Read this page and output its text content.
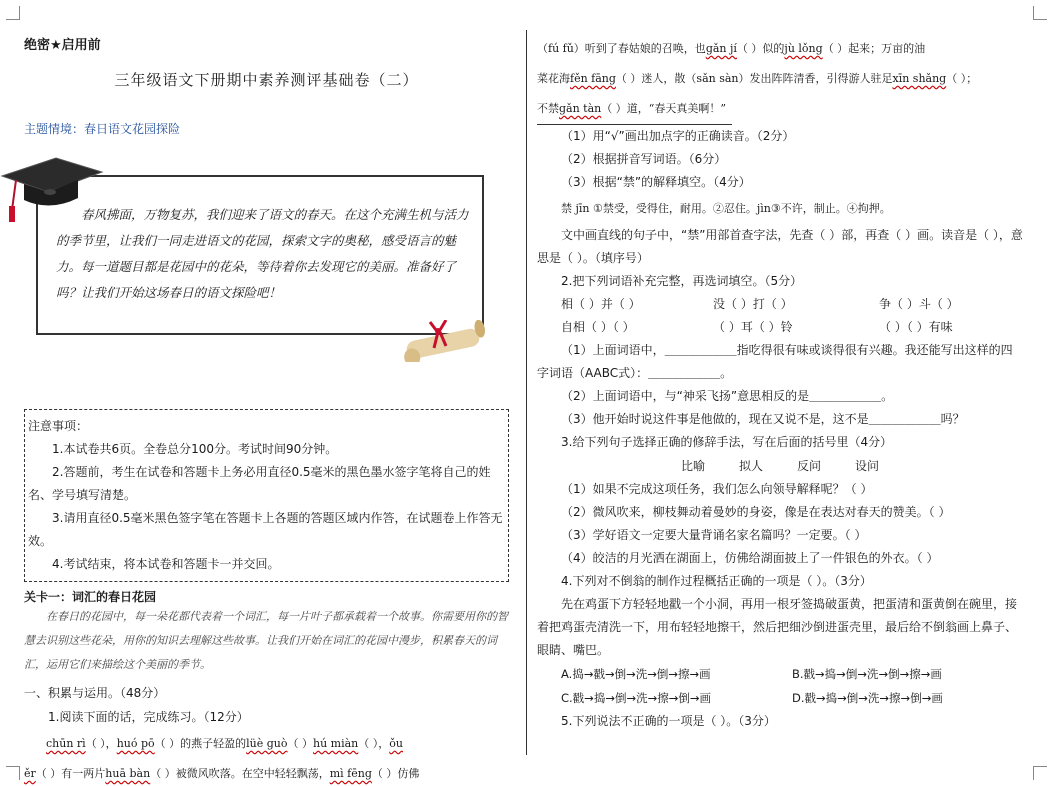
绝密★启用前
三年级语文下册期中素养测评基础卷（二）
主题情境：春日语文花园探险
春风拂面，万物复苏，我们迎来了语文的春天。在这个充满生机与活力的季节里，让我们一同走进语文的花园，探索文字的奥秘，感受语言的魅力。每一道题目都是花园中的花朵，等待着你去发现它的美丽。准备好了吗？让我们开始这场春日的语文探险吧！
注意事项：
1.本试卷共6页。全卷总分100分。考试时间90分钟。
2.答题前，考生在试卷和答题卡上务必用直径0.5毫米的黑色墨水签字笔将自己的姓名、学号填写清楚。
3.请用直径0.5毫米黑色签字笔在答题卡上各题的答题区域内作答，在试题卷上作答无效。
4.考试结束，将本试卷和答题卡一并交回。
关卡一：词汇的春日花园
在春日的花园中，每一朵花都代表着一个词汇，每一片叶子都承载着一个故事。你需要用你的智慧去识别这些花朵，用你的知识去理解这些故事。让我们开始在词汇的花园中漫步，积累春天的词汇，运用它们来描绘这个美丽的季节。
一、积累与运用。（48分）
1.阅读下面的话，完成练习。（12分）
chūn rì（ ），huó pō（ ）的燕子轻盈的lüè guò（ ）hú miàn（ ），ǒu
ěr（ ）有一两片huā bàn（ ）被微风吹落。在空中轻轻飘荡，mì fēng（ ）仿佛
（fú fǔ）听到了春姑娘的召唤，也gǎn jí（ ）似的jù lǒng（ ）起来；万亩的油
菜花海fěn fāng（ ）迷人，散（sǎn sàn）发出阵阵清香，引得游人驻足xīn shǎng（ ）；
不禁gǎn tàn（ ）道，“春天真美啊！”
（1）用“√”画出加点字的正确读音。（2分）
（2）根据拼音写词语。（6分）
（3）根据“禁”的解释填空。（4分）
禁 jīn ①禁受，受得住，耐用。②忍住。jìn③不许，制止。④拘押。
文中画直线的句子中，“禁”用部首查字法，先查（ ）部，再查（ ）画。读音是（ ），意思是（ ）。（填序号）
2.把下列词语补充完整，再选词填空。（5分）
相（ ）并（ ）	没（ ）打（ ）	争（ ）斗（ ）
自相（ ）（ ）	（ ）耳（ ）铃	（ ）（ ）有味
（1）上面词语中，＿＿＿＿＿＿指吃得很有味或谈得很有兴趣。我还能写出这样的四字词语（AABC式）：＿＿＿＿＿＿。
（2）上面词语中，与“神采飞扬”意思相反的是＿＿＿＿＿＿。
（3）他开始时说这件事是他做的，现在又说不是，这不是＿＿＿＿＿＿吗？
3.给下列句子选择正确的修辞手法，写在后面的括号里（4分）
比喻	拟人	反问	设问
（1）如果不完成这项任务，我们怎么向领导解释呢？（ ）
（2）微风吹来，柳枝舞动着曼妙的身姿，像是在表达对春天的赞美。（ ）
（3）学好语文一定要大量背诵名家名篇吗？一定要。（ ）
（4）皎洁的月光洒在湖面上，仿佛给湖面披上了一件银色的外衣。（ ）
4.下列对不倒翁的制作过程概括正确的一项是（ ）。（3分）
先在鸡蛋下方轻轻地戳一个小洞，再用一根牙签捣破蛋黄，把蛋清和蛋黄倒在碗里，接着把鸡蛋壳清洗一下，用布轻轻地擦干，然后把细沙倒进蛋壳里，最后给不倒翁画上鼻子、眼睛、嘴巴。
A.捣→戳→倒→洗→倒→擦→画	B.戳→捣→倒→洗→倒→擦→画
C.戳→捣→倒→洗→擦→倒→画	D.戳→捣→倒→洗→擦→倒→画
5.下列说法不正确的一项是（ ）。（3分）
